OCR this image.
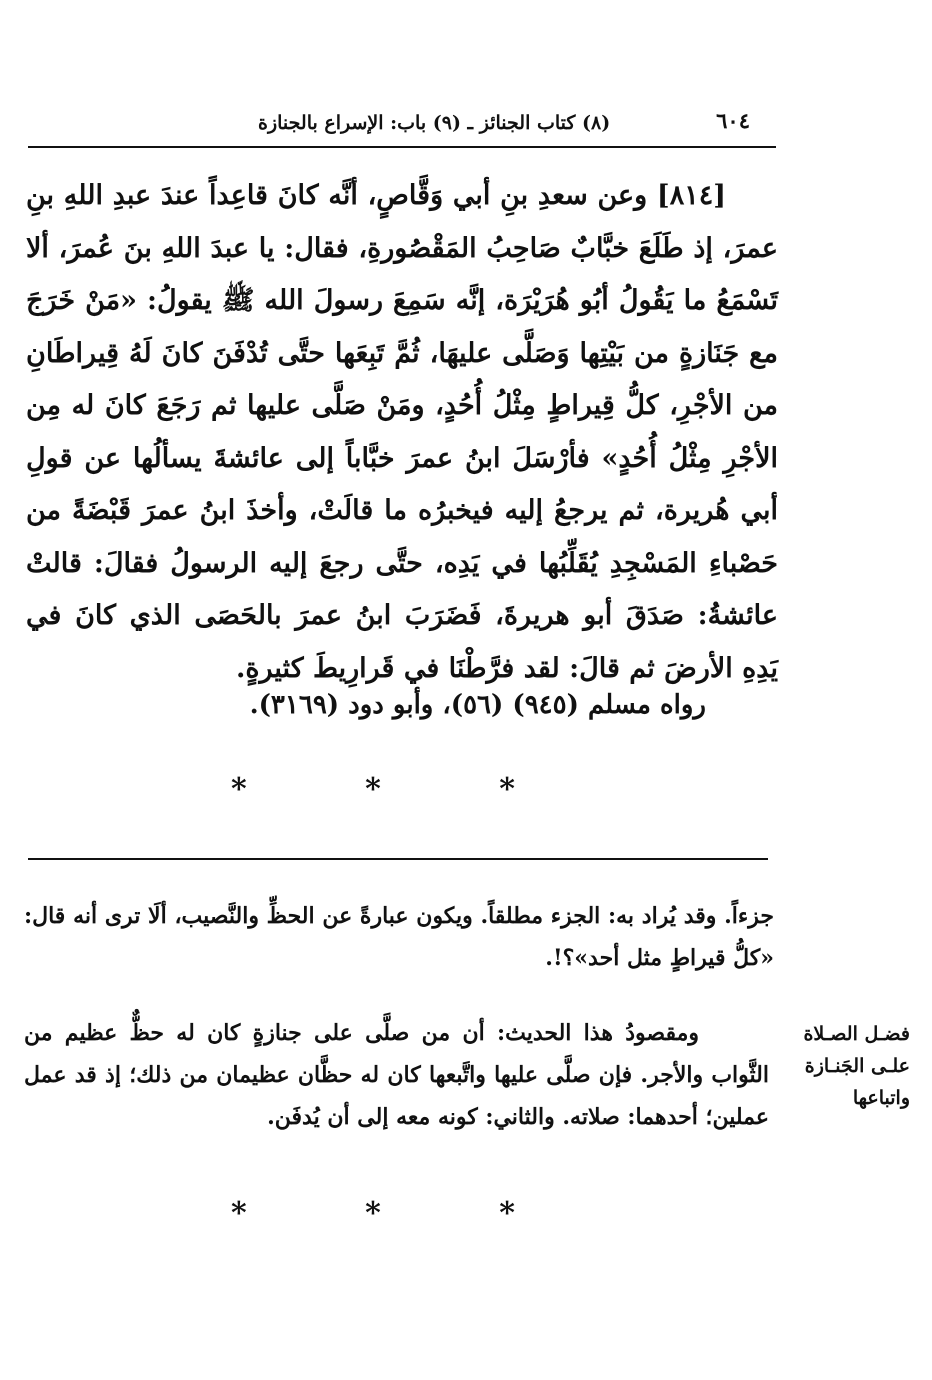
٦٠٤
(٨) كتاب الجنائز ـ (٩) باب: الإسراع بالجنازة

[٨١٤] وعن سعدِ بنِ أبي وَقَّاصٍ، أنَّه كانَ قاعِداً عندَ عبدِ اللهِ بنِ عمرَ، إذ طَلَعَ خبَّابٌ صَاحِبُ المَقْصُورةِ، فقال: يا عبدَ اللهِ بنَ عُمرَ، ألا تَسْمَعُ ما يَقُولُ أبُو هُرَيْرَة، إنَّه سَمِعَ رسولَ الله ﷺ يقولُ: «مَنْ خَرَجَ مع جَنَازةٍ من بَيْتِها وَصَلَّى عليهَا، ثُمَّ تَبِعَها حتَّى تُدْفَنَ كانَ لَهُ قِيراطَانِ من الأجْرِ، كلُّ قِيراطٍ مِثْلُ أُحُدٍ، ومَنْ صَلَّى عليها ثم رَجَعَ كانَ له مِن الأجْرِ مِثْلُ أُحُدٍ» فأرْسَلَ ابنُ عمرَ خبَّاباً إلى عائشةَ يسألُها عن قولِ أبي هُريرة، ثم يرجعُ إليه فيخبرُه ما قالَتْ، وأخذَ ابنُ عمرَ قَبْضَةً من حَصْباءِ المَسْجِدِ يُقَلِّبُها في يَدِه، حتَّى رجعَ إليه الرسولُ فقالَ: قالتْ عائشةُ: صَدَقَ أبو هريرةَ، فَضَرَبَ ابنُ عمرَ بالحَصَى الذي كانَ في يَدِهِ الأرضَ ثم قالَ: لقد فرَّطْنَا في قَرارِيطَ كثيرةٍ.

رواه مسلم (٩٤٥) (٥٦)، وأبو دود (٣١٦٩).
* * *

جزءاً. وقد يُراد به: الجزء مطلقاً. ويكون عبارةً عن الحظِّ والنَّصيب، ألَا ترى أنه قال: «كلُّ قيراطٍ مثل أحد»؟!.

ومقصودُ هذا الحديث: أن من صلَّى على جنازةٍ كان له حظٌّ عظيم من الثَّواب والأجر. فإن صلَّى عليها واتَّبعها كان له حظَّان عظيمان من ذلك؛ إذ قد عمل عملين؛ أحدهما: صلاته. والثاني: كونه معه إلى أن يُدفَن.

فضـل الصـلاة
علـى الجَنـازة
واتباعها
* * *
